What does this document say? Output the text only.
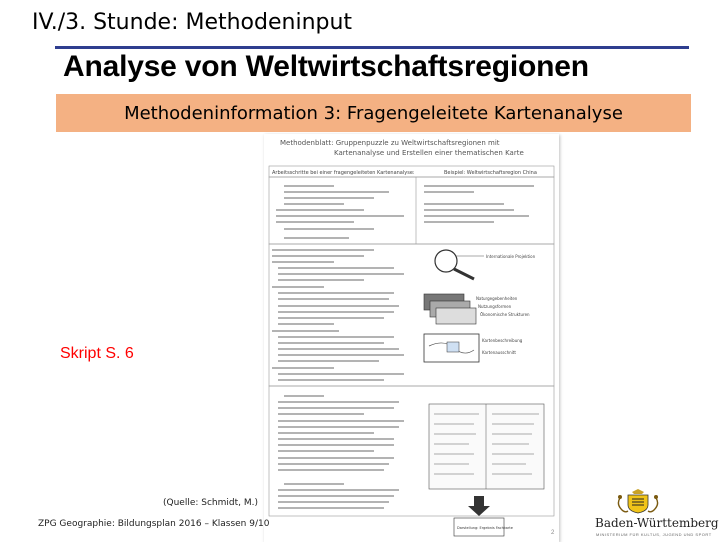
IV./3. Stunde: Methodeninput
Analyse von Weltwirtschaftsregionen
Methodeninformation 3: Fragengeleitete Kartenanalyse
Methodenblatt: Gruppenpuzzle zu Weltwirtschaftsregionen mit
Kartenanalyse und Erstellen einer thematischen Karte
Arbeitsschritte bei einer fragengeleiteten Kartenanalyse:	Beispiel: Weltwirtschaftsregion China
Internationale Projektion
Naturgegebenheiten
Nutzungsformen
Ökonomische Strukturen
Kartenbeschreibung
Kartenausschnitt
Darstellung: Ergebnis Fachkarte
Skript S. 6
(Quelle: Schmidt, M.)
ZPG Geographie: Bildungsplan 2016 – Klassen 9/10
2
Baden-Württemberg
MINISTERIUM FÜR KULTUS, JUGEND UND SPORT
